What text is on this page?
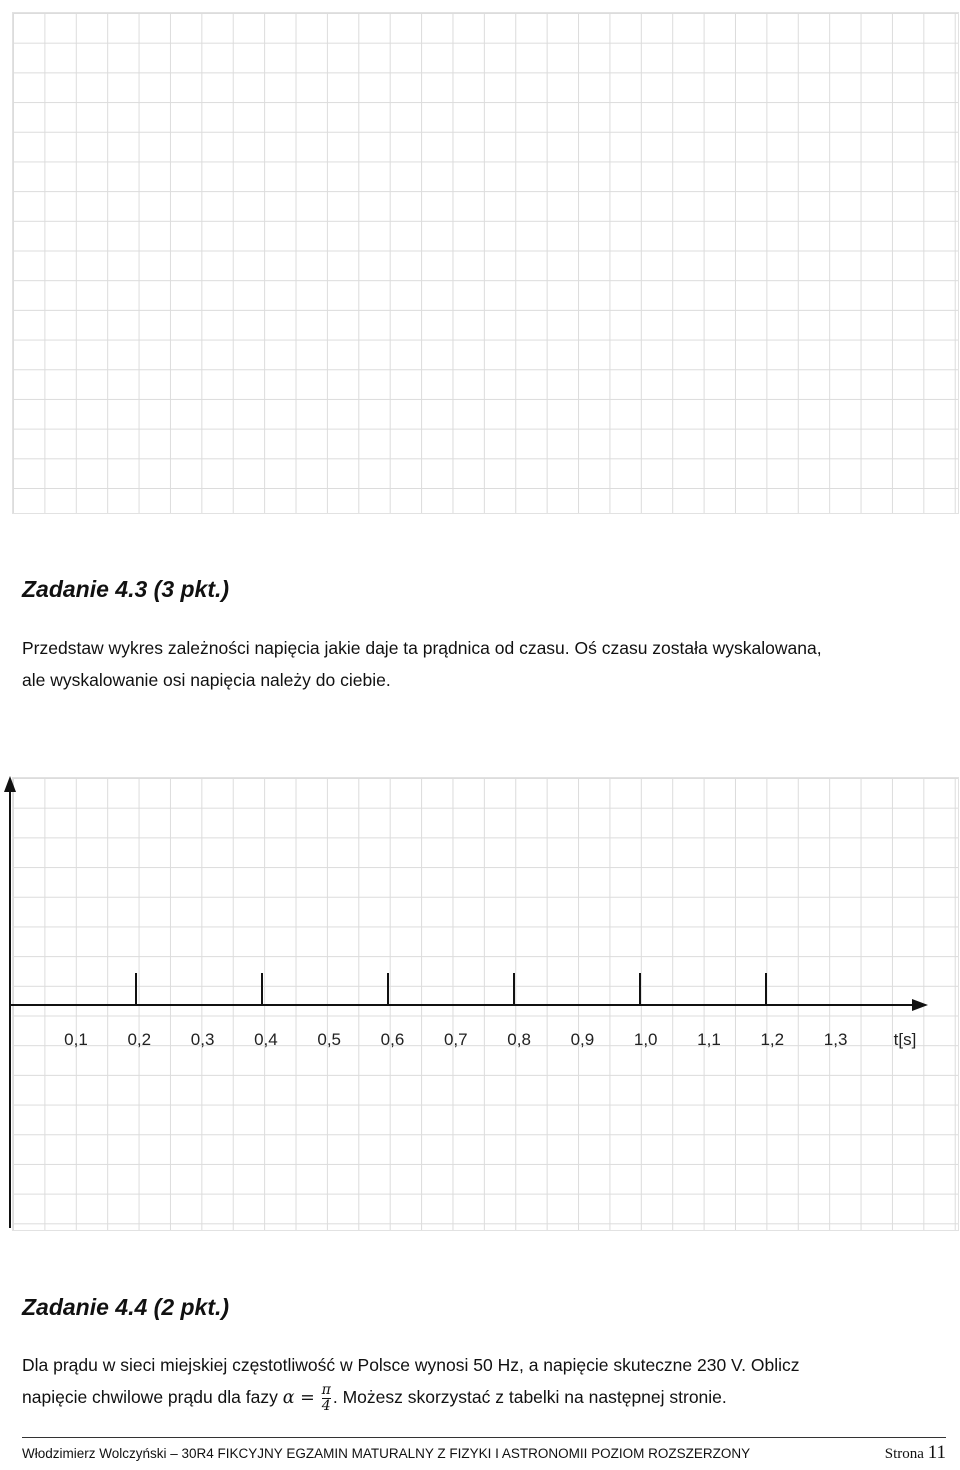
Zadanie 4.3 (3 pkt.)

Przedstaw wykres zależności napięcia jakie daje ta prądnica od czasu. Oś czasu została wyskalowana,
ale wyskalowanie osi napięcia należy do ciebie.

0,1 0,2 0,3 0,4 0,5 0,6 0,7 0,8 0,9 1,0 1,1 1,2 1,3	t[s]
Zadanie 4.4 (2 pkt.)

Dla prądu w sieci miejskiej częstotliwość w Polsce wynosi 50 Hz, a napięcie skuteczne 230 V. Oblicz
napięcie chwilowe prądu dla fazy $\alpha = \frac{\pi}{4}$ . Możesz skorzystać z tabelki na następnej stronie.

Włodzimierz Wolczyński – 30R4 FIKCYJNY EGZAMIN MATURALNY Z FIZYKI I ASTRONOMII POZIOM ROZSZERZONY	Strona 11
